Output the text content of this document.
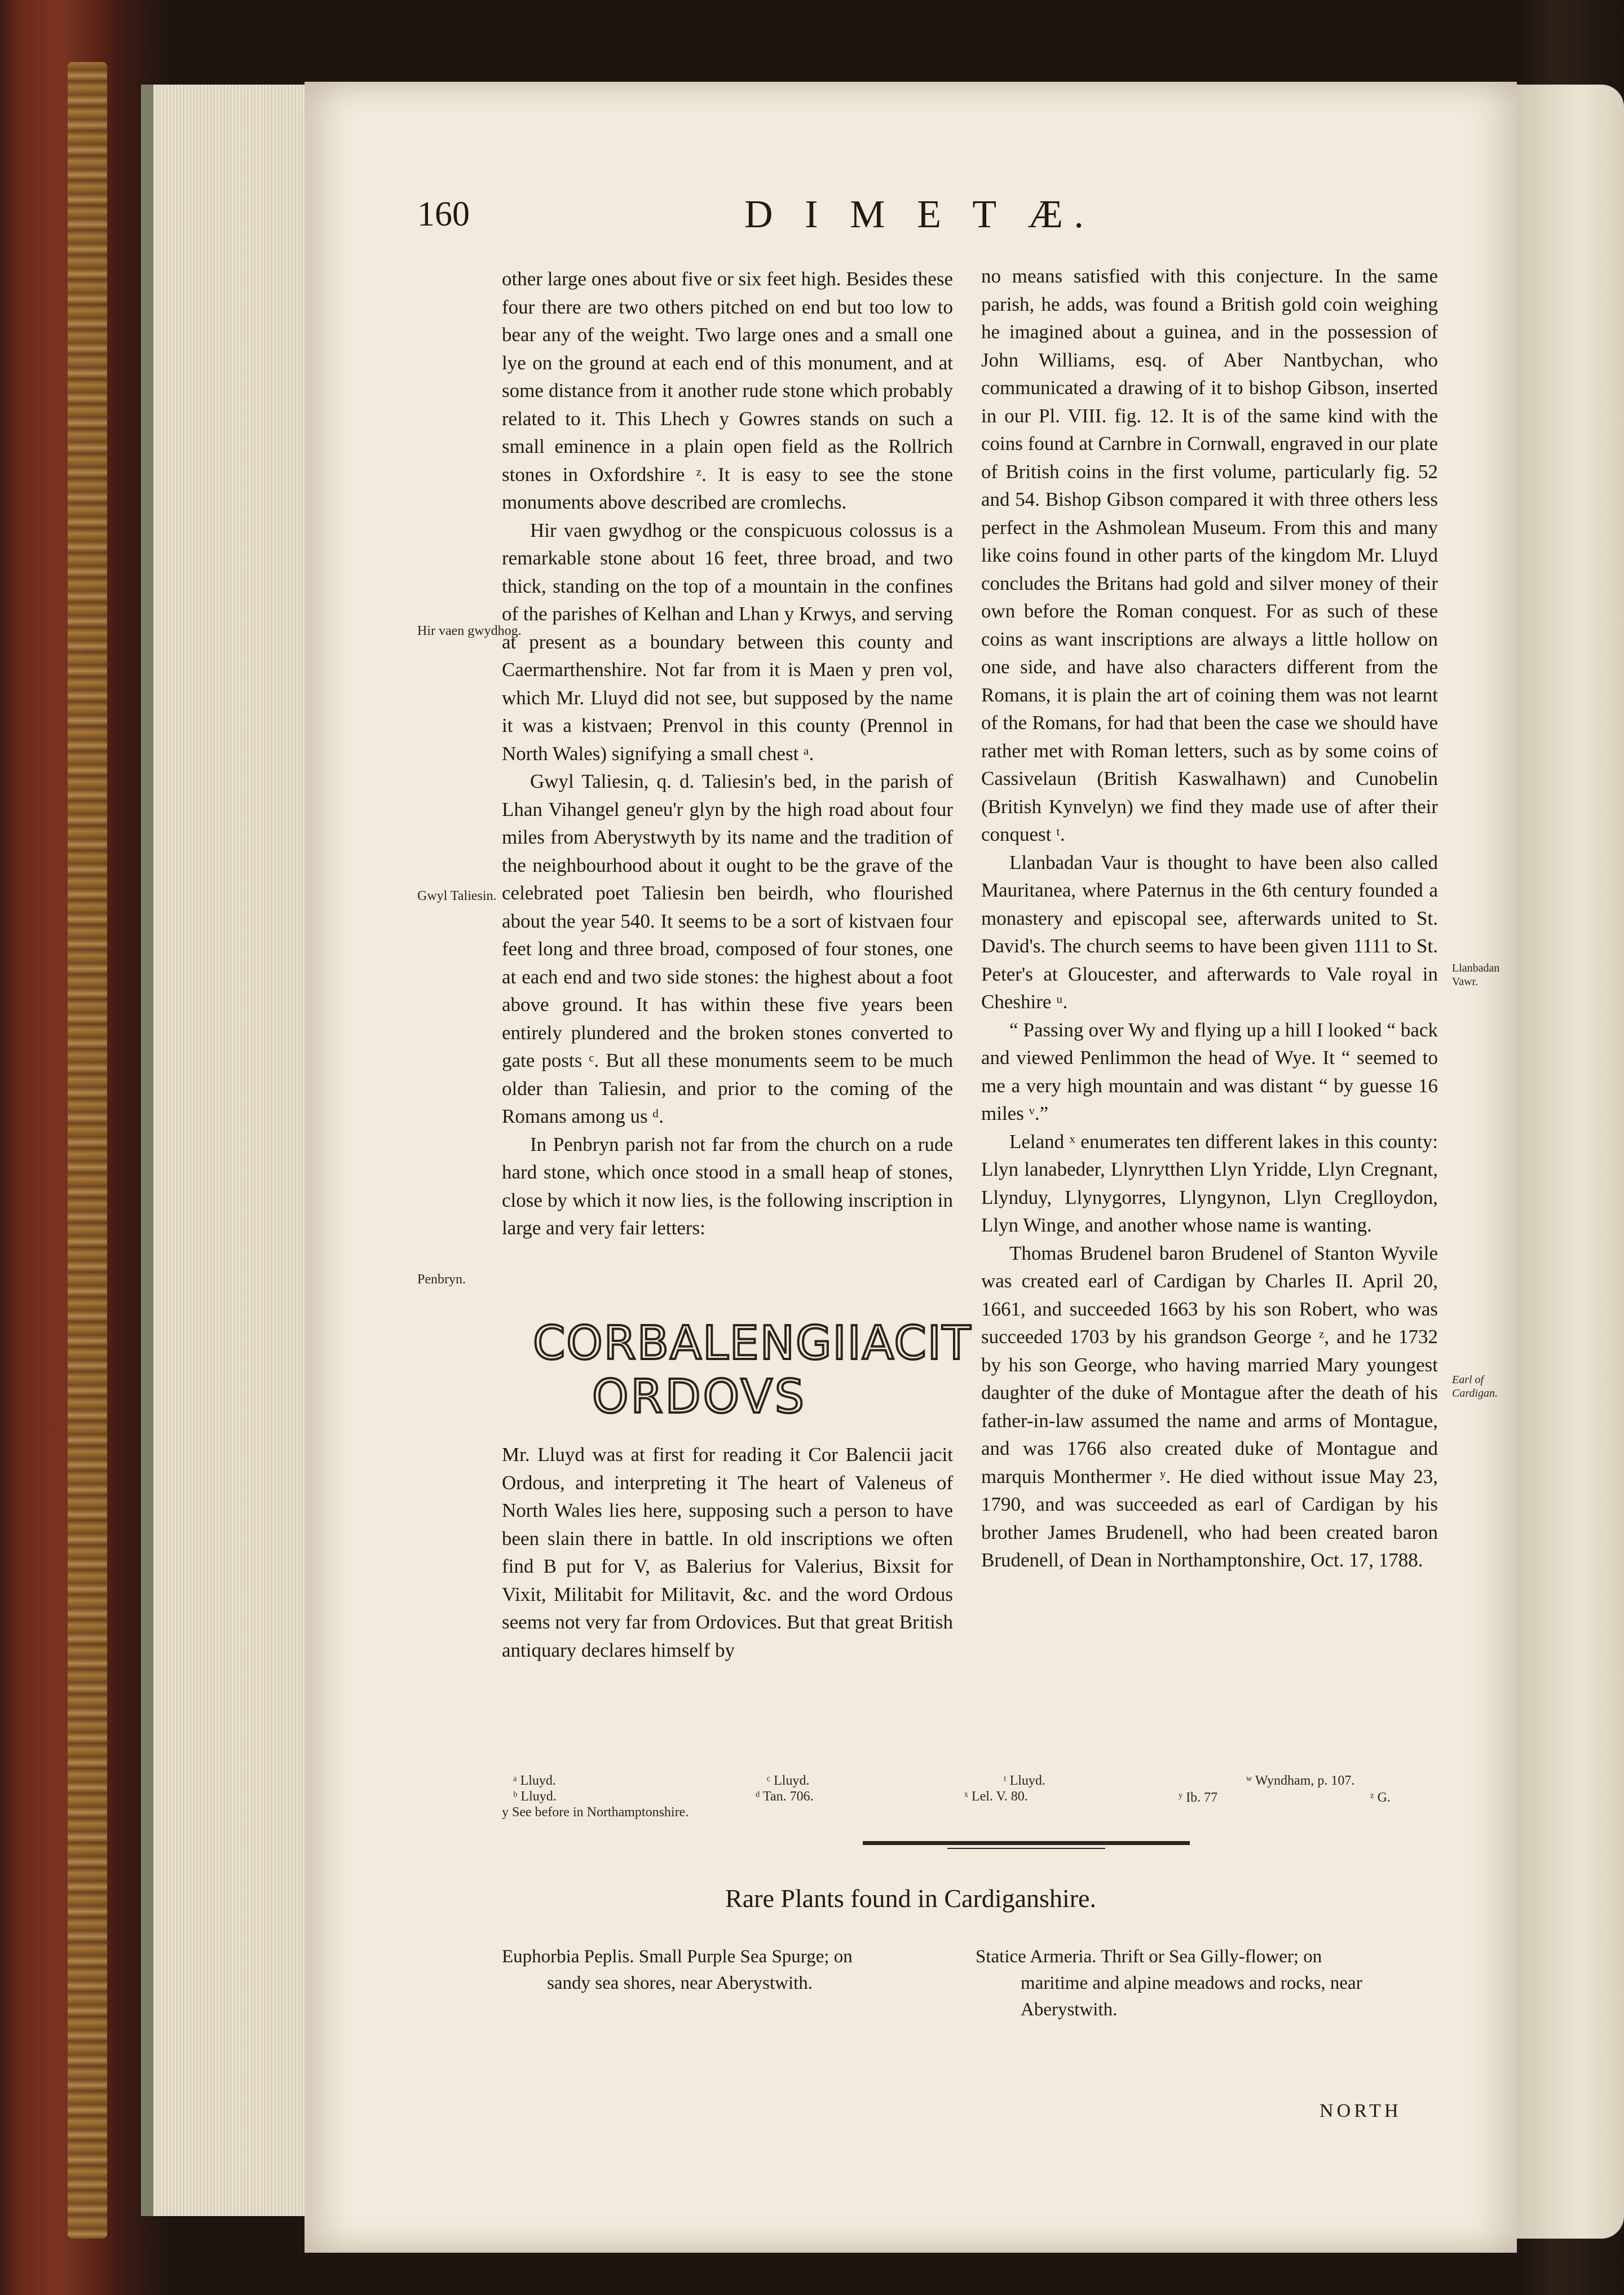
160	D I M E T Æ.
Hir vaen gwydhog.
Gwyl Taliesin.
Penbryn.
Llanbadan Vawr.
Earl of Cardigan.

other large ones about five or six feet high. Besides these four there are two others pitched on end but too low to bear any of the weight. Two large ones and a small one lye on the ground at each end of this monument, and at some distance from it another rude stone which probably related to it. This Lhech y Gowres stands on such a small eminence in a plain open field as the Rollrich stones in Oxfordshire ᶻ. It is easy to see the stone monuments above described are cromlechs.

Hir vaen gwydhog or the conspicuous colossus is a remarkable stone about 16 feet, three broad, and two thick, standing on the top of a mountain in the confines of the parishes of Kelhan and Lhan y Krwys, and serving at present as a boundary between this county and Caermarthenshire. Not far from it is Maen y pren vol, which Mr. Lluyd did not see, but supposed by the name it was a kistvaen; Prenvol in this county (Prennol in North Wales) signifying a small chest ᵃ.

Gwyl Taliesin, q. d. Taliesin's bed, in the parish of Lhan Vihangel geneu'r glyn by the high road about four miles from Aberystwyth by its name and the tradition of the neighbourhood about it ought to be the grave of the celebrated poet Taliesin ben beirdh, who flourished about the year 540. It seems to be a sort of kistvaen four feet long and three broad, composed of four stones, one at each end and two side stones: the highest about a foot above ground. It has within these five years been entirely plundered and the broken stones converted to gate posts ᶜ. But all these monuments seem to be much older than Taliesin, and prior to the coming of the Romans among us ᵈ.

In Penbryn parish not far from the church on a rude hard stone, which once stood in a small heap of stones, close by which it now lies, is the following inscription in large and very fair letters:

CORBALENGIIACIT
ORDOVS

Mr. Lluyd was at first for reading it Cor Balencii jacit Ordous, and interpreting it The heart of Valeneus of North Wales lies here, supposing such a person to have been slain there in battle. In old inscriptions we often find B put for V, as Balerius for Valerius, Bixsit for Vixit, Militabit for Militavit, &c. and the word Ordous seems not very far from Ordovices. But that great British antiquary declares himself by

no means satisfied with this conjecture. In the same parish, he adds, was found a British gold coin weighing he imagined about a guinea, and in the possession of John Williams, esq. of Aber Nantbychan, who communicated a drawing of it to bishop Gibson, inserted in our Pl. VIII. fig. 12. It is of the same kind with the coins found at Carnbre in Cornwall, engraved in our plate of British coins in the first volume, particularly fig. 52 and 54. Bishop Gibson compared it with three others less perfect in the Ashmolean Museum. From this and many like coins found in other parts of the kingdom Mr. Lluyd concludes the Britans had gold and silver money of their own before the Roman conquest. For as such of these coins as want inscriptions are always a little hollow on one side, and have also characters different from the Romans, it is plain the art of coining them was not learnt of the Romans, for had that been the case we should have rather met with Roman letters, such as by some coins of Cassivelaun (British Kaswalhawn) and Cunobelin (British Kynvelyn) we find they made use of after their conquest ᵗ.

Llanbadan Vaur is thought to have been also called Mauritanea, where Paternus in the 6th century founded a monastery and episcopal see, afterwards united to St. David's. The church seems to have been given 1111 to St. Peter's at Gloucester, and afterwards to Vale royal in Cheshire ᵘ.

“ Passing over Wy and flying up a hill I looked “ back and viewed Penlimmon the head of Wye. It “ seemed to me a very high mountain and was distant “ by guesse 16 miles ᵛ.”

Leland ˣ enumerates ten different lakes in this county: Llyn lanabeder, Llynrytthen Llyn Yridde, Llyn Cregnant, Llynduy, Llynygorres, Llyngynon, Llyn Creglloydon, Llyn Winge, and another whose name is wanting.

Thomas Brudenel baron Brudenel of Stanton Wyvile was created earl of Cardigan by Charles II. April 20, 1661, and succeeded 1663 by his son Robert, who was succeeded 1703 by his grandson George ᶻ, and he 1732 by his son George, who having married Mary youngest daughter of the duke of Montague after the death of his father-in-law assumed the name and arms of Montague, and was 1766 also created duke of Montague and marquis Monthermer ʸ. He died without issue May 23, 1790, and was succeeded as earl of Cardigan by his brother James Brudenell, who had been created baron Brudenell, of Dean in Northamptonshire, Oct. 17, 1788.

ᵃ Lluyd.
ᵇ Lluyd.
y See before in Northamptonshire.
ᶜ Lluyd.
ᵈ Tan. 706.
ᵗ Lluyd.
ˣ Lel. V. 80.	ʸ Ib. 77
ʷ Wyndham, p. 107.
ᶻ G.
Rare Plants found in Cardiganshire.
Euphorbia Peplis. Small Purple Sea Spurge; on
sandy sea shores, near Aberystwith.
Statice Armeria. Thrift or Sea Gilly-flower; on
maritime and alpine meadows and rocks, near Aberystwith.
NORTH
